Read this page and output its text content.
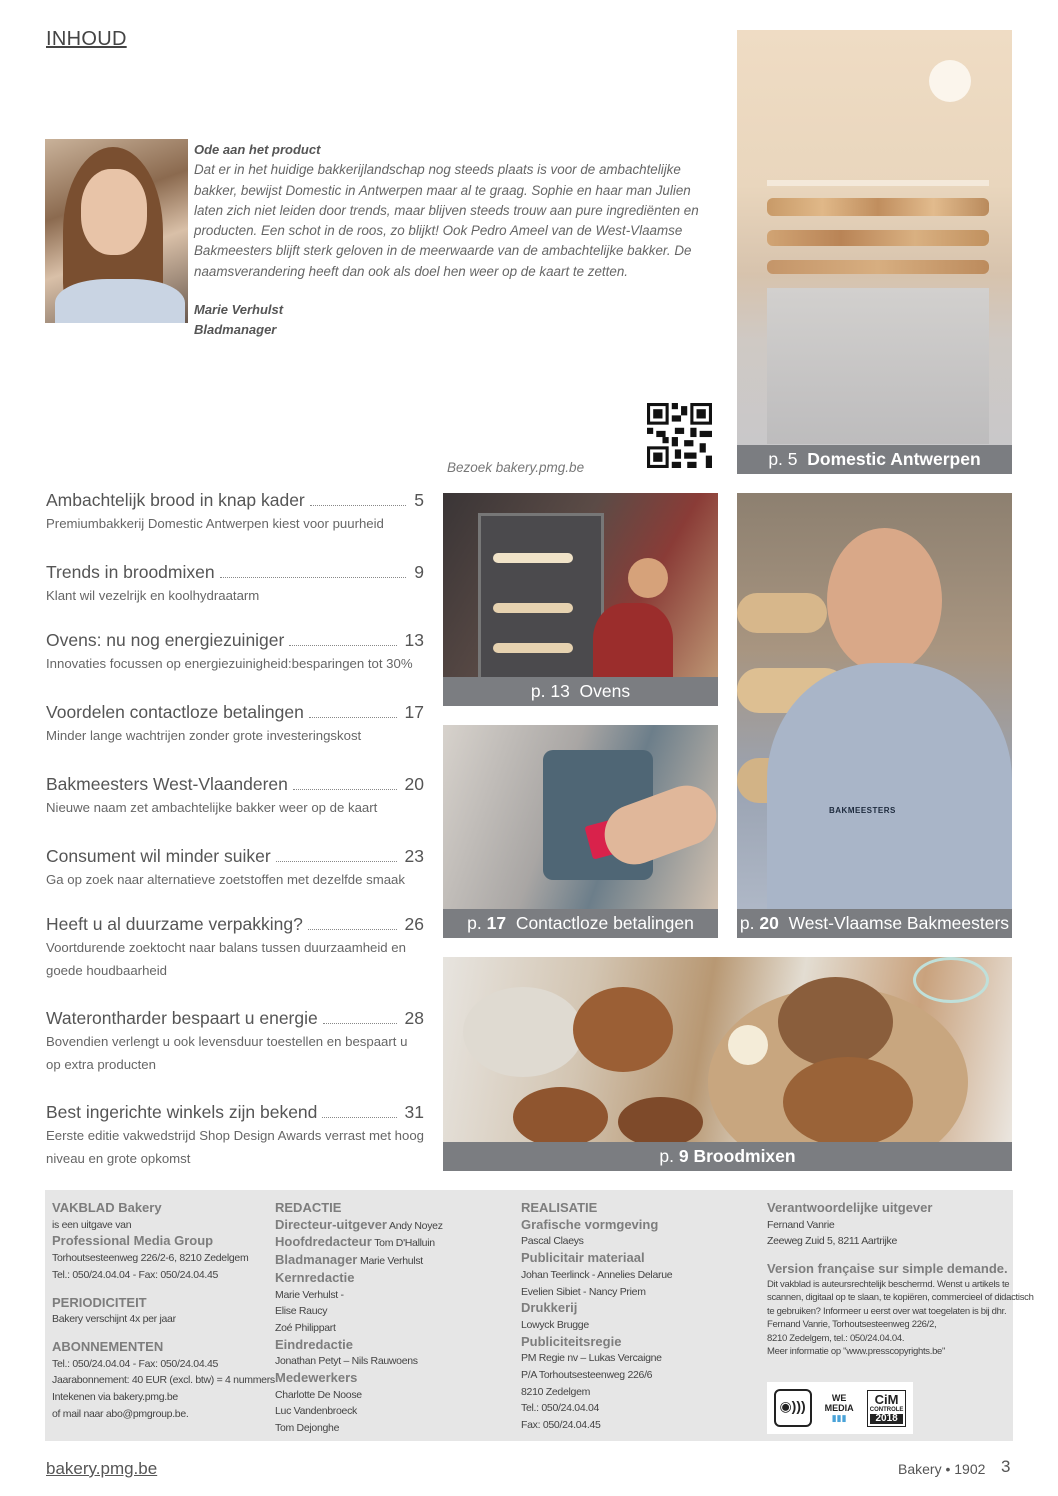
INHOUD

Ode aan het product

Dat er in het huidige bakkerijlandschap nog steeds plaats is voor de ambachtelijke bakker, bewijst Domestic in Antwerpen maar al te graag. Sophie en haar man Julien laten zich niet leiden door trends, maar blijven steeds trouw aan pure ingrediënten en producten. Een schot in de roos, zo blijkt! Ook Pedro Ameel van de West-Vlaamse Bakmeesters blijft sterk geloven in de meerwaarde van de ambachtelijke bakker. De naamsverandering heeft dan ook als doel hen weer op de kaart te zetten.

Marie Verhulst

Bladmanager

Bezoek bakery.pmg.be	p. 5 Domestic Antwerpen
p. 13 Ovens
BAKMEESTERS
p. 20 West-Vlaamse Bakmeesters
p. 17 Contactloze betalingen
p. 9 Broodmixen
Ambachtelijk brood in knap kader	5
Premiumbakkerij Domestic Antwerpen kiest voor puurheid
Trends in broodmixen	9
Klant wil vezelrijk en koolhydraatarm
Ovens: nu nog energiezuiniger	13
Innovaties focussen op energiezuinigheid:besparingen tot 30%
Voordelen contactloze betalingen	17
Minder lange wachtrijen zonder grote investeringskost
Bakmeesters West-Vlaanderen	20
Nieuwe naam zet ambachtelijke bakker weer op de kaart
Consument wil minder suiker	23
Ga op zoek naar alternatieve zoetstoffen met dezelfde smaak
Heeft u al duurzame verpakking?	26
Voortdurende zoektocht naar balans tussen duurzaamheid en goede houdbaarheid
Waterontharder bespaart u energie	28
Bovendien verlengt u ook levensduur toestellen en bespaart u op extra producten
Best ingerichte winkels zijn bekend	31
Eerste editie vakwedstrijd Shop Design Awards verrast met hoog niveau en grote opkomst
VAKBLAD Bakery
is een uitgave van
Professional Media Group
Torhoutsesteenweg 226/2-6, 8210 Zedelgem
Tel.: 050/24.04.04 - Fax: 050/24.04.45
PERIODICITEIT
Bakery verschijnt 4x per jaar
ABONNEMENTEN
Tel.: 050/24.04.04 - Fax: 050/24.04.45
Jaarabonnement: 40 EUR (excl. btw) = 4 nummers
Intekenen via bakery.pmg.be
of mail naar abo@pmgroup.be.
REDACTIE
Directeur-uitgever Andy Noyez
Hoofdredacteur Tom D'Halluin
Bladmanager Marie Verhulst
Kernredactie
Marie Verhulst -
Elise Raucy
Zoé Philippart
Eindredactie
Jonathan Petyt – Nils Rauwoens
Medewerkers
Charlotte De Noose
Luc Vandenbroeck
Tom Dejonghe
REALISATIE
Grafische vormgeving
Pascal Claeys
Publicitair materiaal
Johan Teerlinck - Annelies Delarue
Evelien Sibiet - Nancy Priem
Drukkerij
Lowyck Brugge
Publiciteitsregie
PM Regie nv – Lukas Vercaigne
P/A Torhoutsesteenweg 226/6
8210 Zedelgem
Tel.: 050/24.04.04
Fax: 050/24.04.45
Verantwoordelijke uitgever
Fernand Vanrie
Zeeweg Zuid 5, 8211 Aartrijke
Version française sur simple demande.
Dit vakblad is auteursrechtelijk beschermd. Wenst u artikels te
scannen, digitaal op te slaan, te kopiëren, commercieel of didactisch
te gebruiken? Informeer u eerst over wat toegelaten is bij dhr.
Fernand Vanrie, Torhoutsesteenweg 226/2,
8210 Zedelgem, tel.: 050/24.04.04.
Meer informatie op "www.presscopyrights.be"
◉)))	WE
MEDIA
▮▮▮
CiM
CONTROLE
2018
bakery.pmg.be	Bakery • 1902 3
